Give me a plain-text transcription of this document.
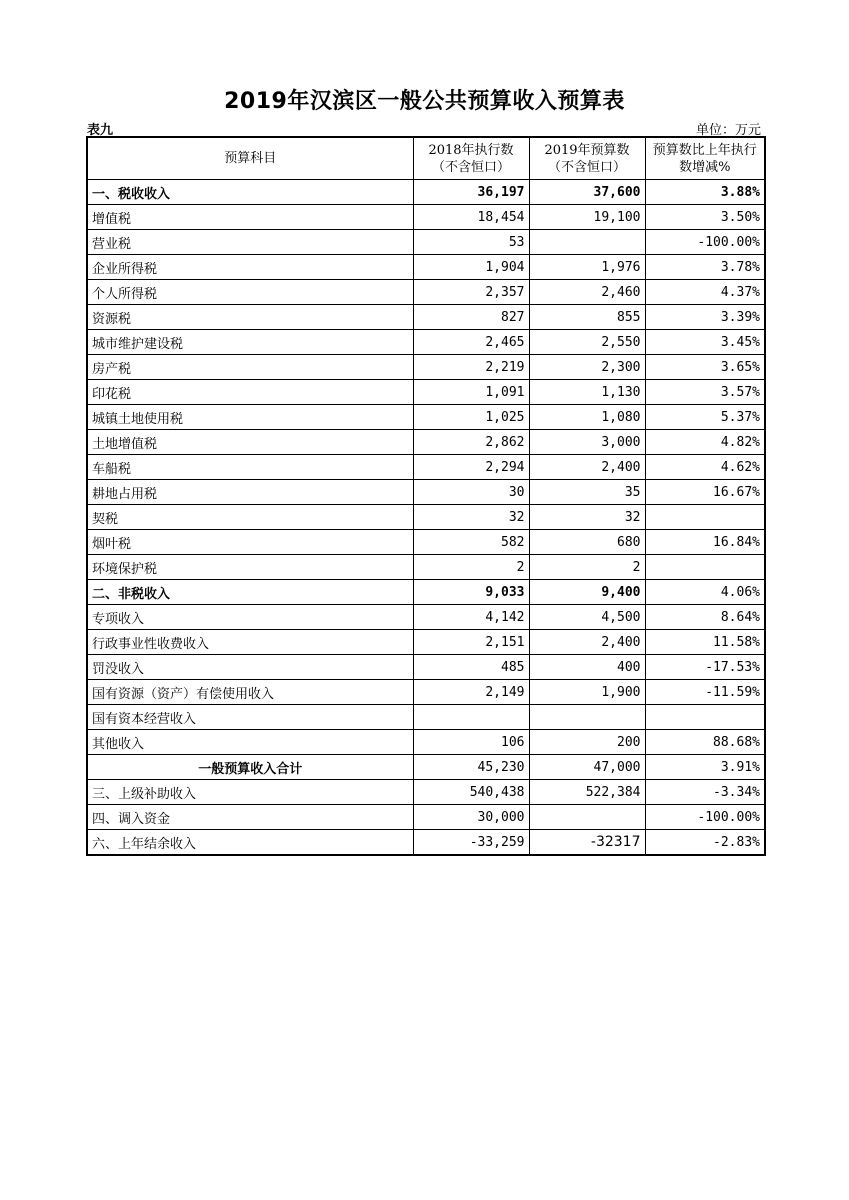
2019年汉滨区一般公共预算收入预算表
表九	单位：万元
预算科目	2018年执行数（不含恒口）	2019年预算数（不含恒口）	预算数比上年执行数增减%
一、税收收入	36,197	37,600	3.88%
增值税	18,454	19,100	3.50%
营业税	53		-100.00%
企业所得税	1,904	1,976	3.78%
个人所得税	2,357	2,460	4.37%
资源税	827	855	3.39%
城市维护建设税	2,465	2,550	3.45%
房产税	2,219	2,300	3.65%
印花税	1,091	1,130	3.57%
城镇土地使用税	1,025	1,080	5.37%
土地增值税	2,862	3,000	4.82%
车船税	2,294	2,400	4.62%
耕地占用税	30	35	16.67%
契税	32	32	
烟叶税	582	680	16.84%
环境保护税	2	2	
二、非税收入	9,033	9,400	4.06%
专项收入	4,142	4,500	8.64%
行政事业性收费收入	2,151	2,400	11.58%
罚没收入	485	400	-17.53%
国有资源（资产）有偿使用收入	2,149	1,900	-11.59%
国有资本经营收入			
其他收入	106	200	88.68%
一般预算收入合计	45,230	47,000	3.91%
三、上级补助收入	540,438	522,384	-3.34%
四、调入资金	30,000		-100.00%
六、上年结余收入	-33,259	-32317	-2.83%
